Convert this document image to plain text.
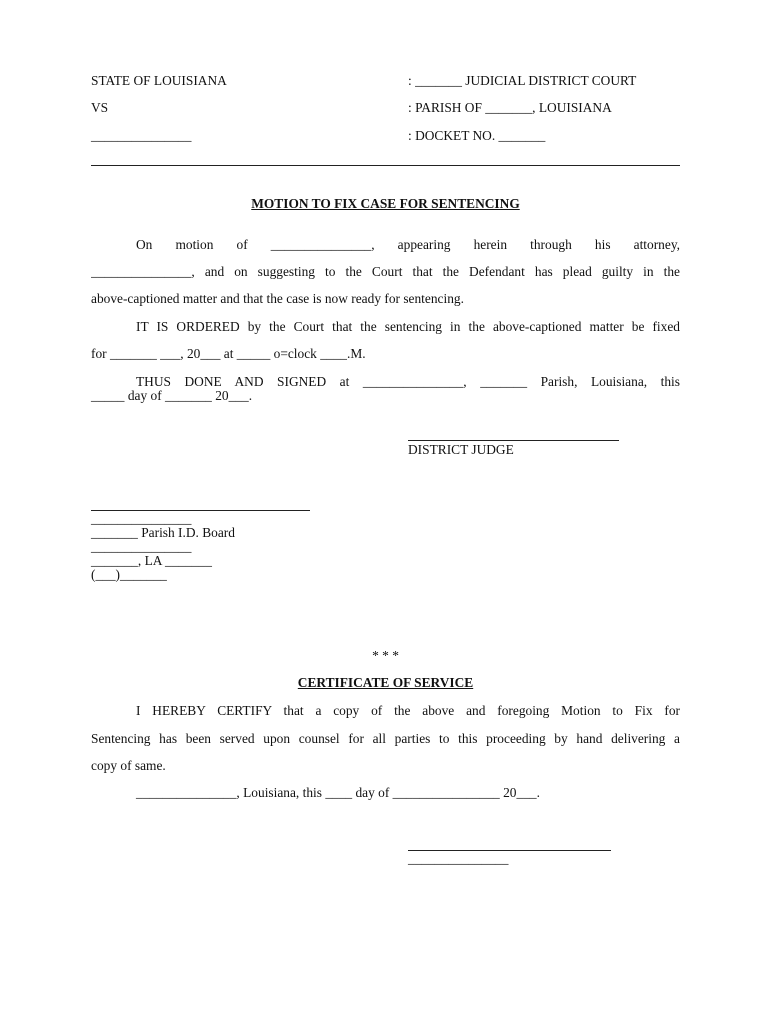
STATE OF LOUISIANA	: _______ JUDICIAL DISTRICT COURT
VS	: PARISH OF _______, LOUISIANA
_______________	: DOCKET NO. _______
MOTION TO FIX CASE FOR SENTENCING
On motion of _______________, appearing herein through his attorney,
_______________, and on suggesting to the Court that the Defendant has plead guilty in the
above-captioned matter and that the case is now ready for sentencing.
IT IS ORDERED by the Court that the sentencing in the above-captioned matter be fixed
for _______ ___, 20___ at _____ o=clock ____.M.
THUS DONE AND SIGNED at _______________, _______ Parish, Louisiana, this
_____ day of _______ 20___.
DISTRICT JUDGE
_______________
_______ Parish I.D. Board
_______________
_______, LA _______
(___)_______
* * *
CERTIFICATE OF SERVICE
I HEREBY CERTIFY that a copy of the above and foregoing Motion to Fix for
Sentencing has been served upon counsel for all parties to this proceeding by hand delivering a
copy of same.
_______________, Louisiana, this ____ day of ________________ 20___.
_______________
